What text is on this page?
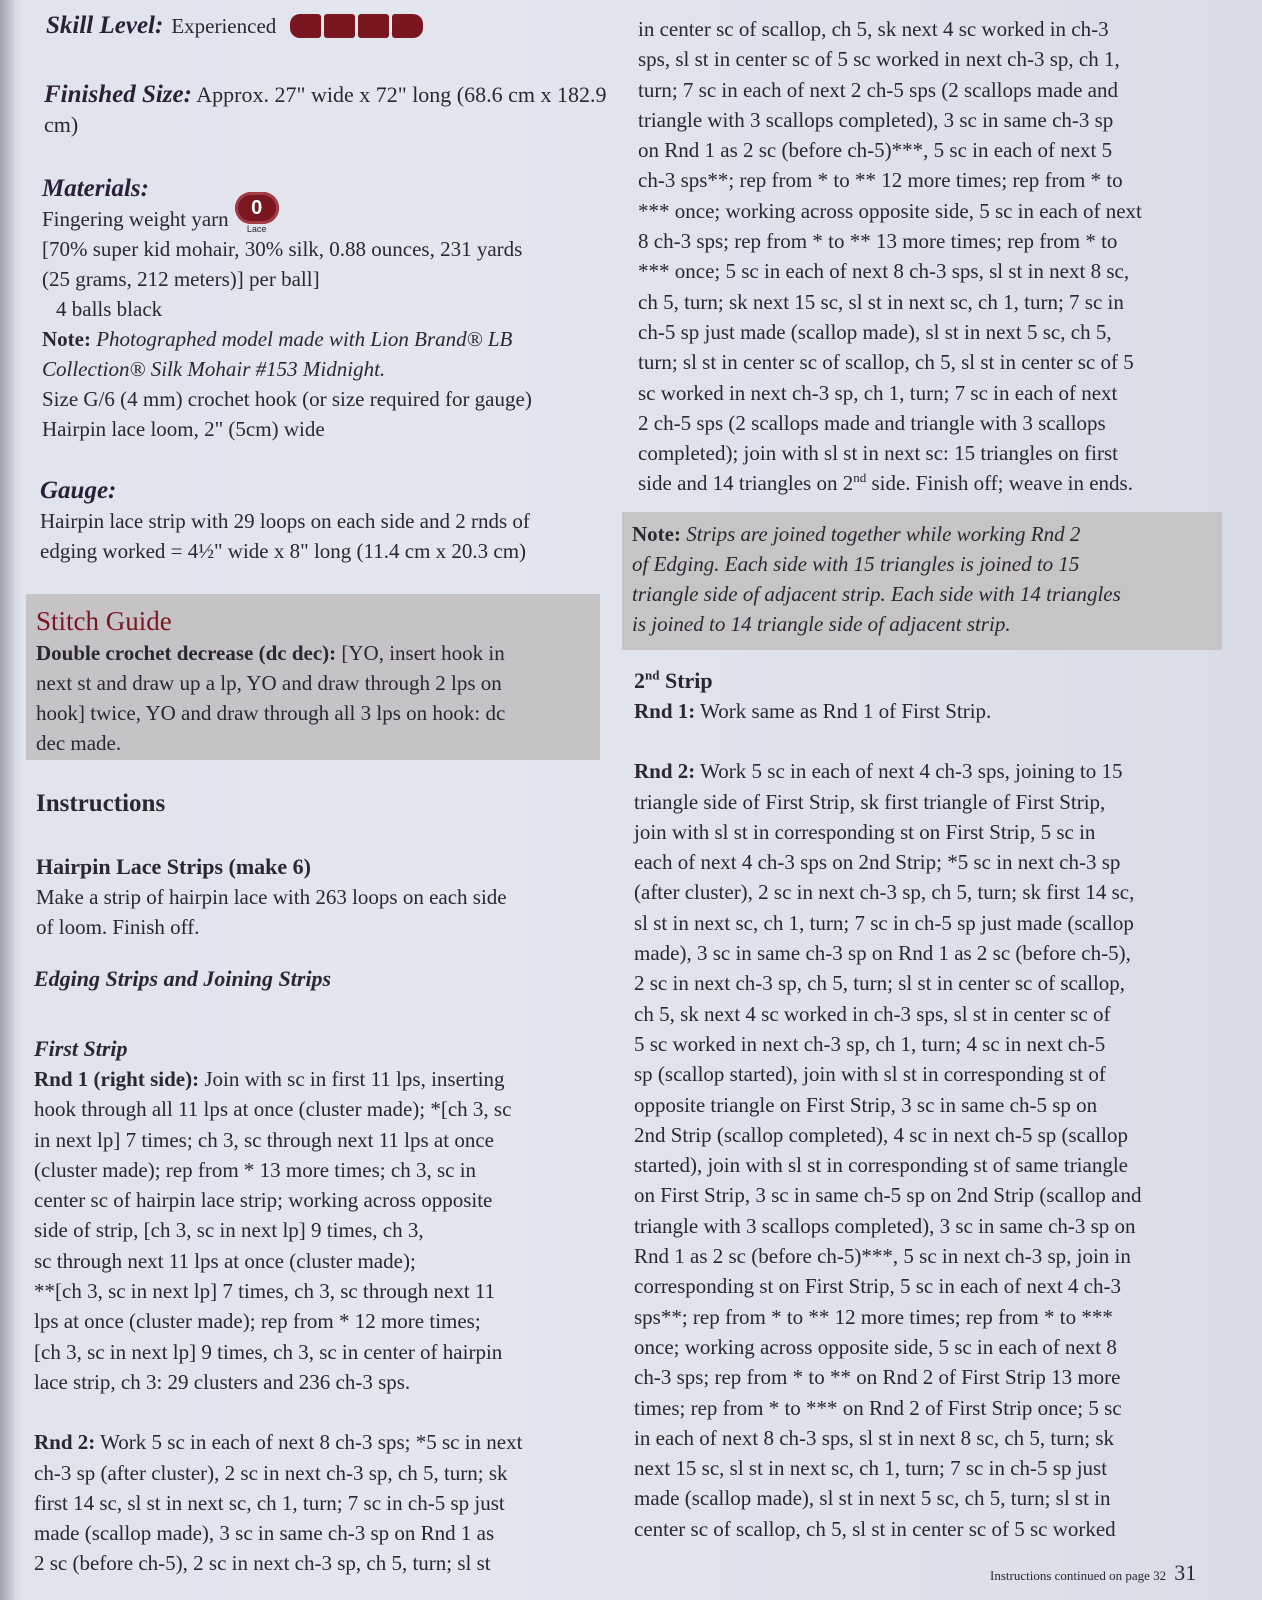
Skill Level: Experienced

Finished Size: Approx. 27" wide x 72" long (68.6 cm x 182.9 cm)

Materials:

Fingering weight yarn	0
Lace

[70% super kid mohair, 30% silk, 0.88 ounces, 231 yards

(25 grams, 212 meters)] per ball]

4 balls black

Note: Photographed model made with Lion Brand® LB

Collection® Silk Mohair #153 Midnight.

Size G/6 (4 mm) crochet hook (or size required for gauge)

Hairpin lace loom, 2" (5cm) wide

Gauge:

Hairpin lace strip with 29 loops on each side and 2 rnds of

edging worked = 4½" wide x 8" long (11.4 cm x 20.3 cm)

Stitch Guide

Double crochet decrease (dc dec): [YO, insert hook in

next st and draw up a lp, YO and draw through 2 lps on

hook] twice, YO and draw through all 3 lps on hook: dc

dec made.

Instructions

Hairpin Lace Strips (make 6)

Make a strip of hairpin lace with 263 loops on each side

of loom. Finish off.

Edging Strips and Joining Strips

First Strip

Rnd 1 (right side): Join with sc in first 11 lps, inserting

hook through all 11 lps at once (cluster made); *[ch 3, sc

in next lp] 7 times; ch 3, sc through next 11 lps at once

(cluster made); rep from * 13 more times; ch 3, sc in

center sc of hairpin lace strip; working across opposite

side of strip, [ch 3, sc in next lp] 9 times, ch 3,

sc through next 11 lps at once (cluster made);

**[ch 3, sc in next lp] 7 times, ch 3, sc through next 11

lps at once (cluster made); rep from * 12 more times;

[ch 3, sc in next lp] 9 times, ch 3, sc in center of hairpin

lace strip, ch 3: 29 clusters and 236 ch-3 sps.

Rnd 2: Work 5 sc in each of next 8 ch-3 sps; *5 sc in next

ch-3 sp (after cluster), 2 sc in next ch-3 sp, ch 5, turn; sk

first 14 sc, sl st in next sc, ch 1, turn; 7 sc in ch-5 sp just

made (scallop made), 3 sc in same ch-3 sp on Rnd 1 as

2 sc (before ch-5), 2 sc in next ch-3 sp, ch 5, turn; sl st

in center sc of scallop, ch 5, sk next 4 sc worked in ch-3

sps, sl st in center sc of 5 sc worked in next ch-3 sp, ch 1,

turn; 7 sc in each of next 2 ch-5 sps (2 scallops made and

triangle with 3 scallops completed), 3 sc in same ch-3 sp

on Rnd 1 as 2 sc (before ch-5)***, 5 sc in each of next 5

ch-3 sps**; rep from * to ** 12 more times; rep from * to

*** once; working across opposite side, 5 sc in each of next

8 ch-3 sps; rep from * to ** 13 more times; rep from * to

*** once; 5 sc in each of next 8 ch-3 sps, sl st in next 8 sc,

ch 5, turn; sk next 15 sc, sl st in next sc, ch 1, turn; 7 sc in

ch-5 sp just made (scallop made), sl st in next 5 sc, ch 5,

turn; sl st in center sc of scallop, ch 5, sl st in center sc of 5

sc worked in next ch-3 sp, ch 1, turn; 7 sc in each of next

2 ch-5 sps (2 scallops made and triangle with 3 scallops

completed); join with sl st in next sc: 15 triangles on first

side and 14 triangles on 2nd side. Finish off; weave in ends.

Note: Strips are joined together while working Rnd 2

of Edging. Each side with 15 triangles is joined to 15

triangle side of adjacent strip. Each side with 14 triangles

is joined to 14 triangle side of adjacent strip.

2nd Strip

Rnd 1: Work same as Rnd 1 of First Strip.

Rnd 2: Work 5 sc in each of next 4 ch-3 sps, joining to 15

triangle side of First Strip, sk first triangle of First Strip,

join with sl st in corresponding st on First Strip, 5 sc in

each of next 4 ch-3 sps on 2nd Strip; *5 sc in next ch-3 sp

(after cluster), 2 sc in next ch-3 sp, ch 5, turn; sk first 14 sc,

sl st in next sc, ch 1, turn; 7 sc in ch-5 sp just made (scallop

made), 3 sc in same ch-3 sp on Rnd 1 as 2 sc (before ch-5),

2 sc in next ch-3 sp, ch 5, turn; sl st in center sc of scallop,

ch 5, sk next 4 sc worked in ch-3 sps, sl st in center sc of

5 sc worked in next ch-3 sp, ch 1, turn; 4 sc in next ch-5

sp (scallop started), join with sl st in corresponding st of

opposite triangle on First Strip, 3 sc in same ch-5 sp on

2nd Strip (scallop completed), 4 sc in next ch-5 sp (scallop

started), join with sl st in corresponding st of same triangle

on First Strip, 3 sc in same ch-5 sp on 2nd Strip (scallop and

triangle with 3 scallops completed), 3 sc in same ch-3 sp on

Rnd 1 as 2 sc (before ch-5)***, 5 sc in next ch-3 sp, join in

corresponding st on First Strip, 5 sc in each of next 4 ch-3

sps**; rep from * to ** 12 more times; rep from * to ***

once; working across opposite side, 5 sc in each of next 8

ch-3 sps; rep from * to ** on Rnd 2 of First Strip 13 more

times; rep from * to *** on Rnd 2 of First Strip once; 5 sc

in each of next 8 ch-3 sps, sl st in next 8 sc, ch 5, turn; sk

next 15 sc, sl st in next sc, ch 1, turn; 7 sc in ch-5 sp just

made (scallop made), sl st in next 5 sc, ch 5, turn; sl st in

center sc of scallop, ch 5, sl st in center sc of 5 sc worked

Instructions continued on page 32 31
